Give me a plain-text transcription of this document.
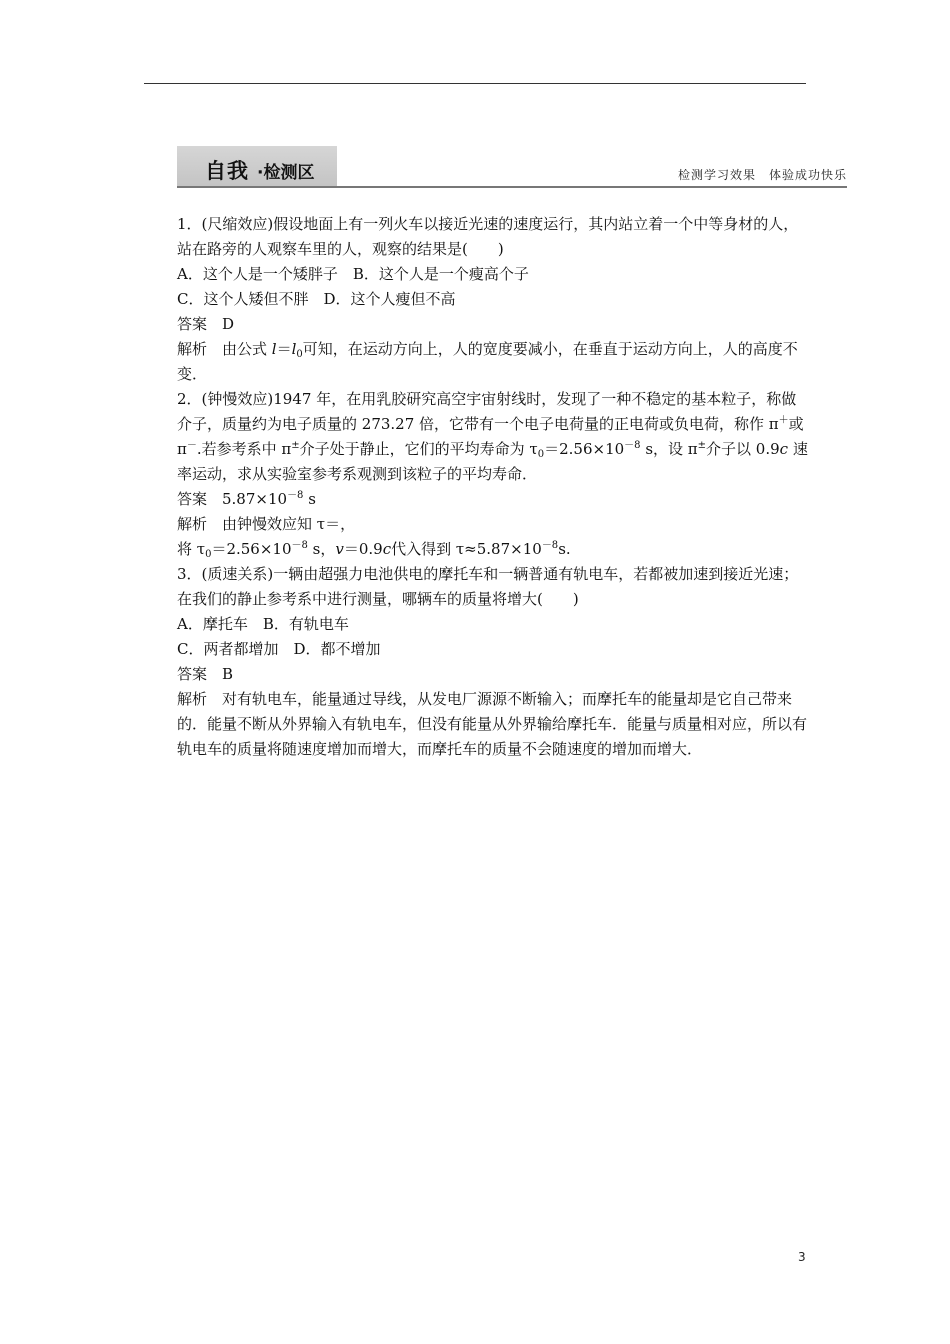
自我 ·检测区	检测学习效果　体验成功快乐

1．(尺缩效应)假设地面上有一列火车以接近光速的速度运行，其内站立着一个中等身材的人，站在路旁的人观察车里的人，观察的结果是(　　)

A．这个人是一个矮胖子　B．这个人是一个瘦高个子

C．这个人矮但不胖　D．这个人瘦但不高

答案　D

解析　由公式 $l=l_0$可知，在运动方向上，人的宽度要减小，在垂直于运动方向上，人的高度不变．

2．(钟慢效应)1947 年，在用乳胶研究高空宇宙射线时，发现了一种不稳定的基本粒子，称做介子，质量约为电子质量的 273.27 倍，它带有一个电子电荷量的正电荷或负电荷，称作 π＋或 π－.若参考系中 π±介子处于静止，它们的平均寿命为 $\tau_0=2.56\times 10^{-8}$ s，设 π±介子以 0.9c 速率运动，求从实验室参考系观测到该粒子的平均寿命．

答案　$5.87\times 10^{-8}$ s

解析　由钟慢效应知 τ＝，

将 $\tau_0=2.56\times 10^{-8}$ s，v＝0.9c代入得到 $\tau\approx 5.87\times 10^{-8}s$.

3．(质速关系)一辆由超强力电池供电的摩托车和一辆普通有轨电车，若都被加速到接近光速；在我们的静止参考系中进行测量，哪辆车的质量将增大(　　)

A．摩托车　B．有轨电车

C．两者都增加　D．都不增加

答案　B

解析　对有轨电车，能量通过导线，从发电厂源源不断输入；而摩托车的能量却是它自己带来的．能量不断从外界输入有轨电车，但没有能量从外界输给摩托车．能量与质量相对应，所以有轨电车的质量将随速度增加而增大，而摩托车的质量不会随速度的增加而增大．

3
